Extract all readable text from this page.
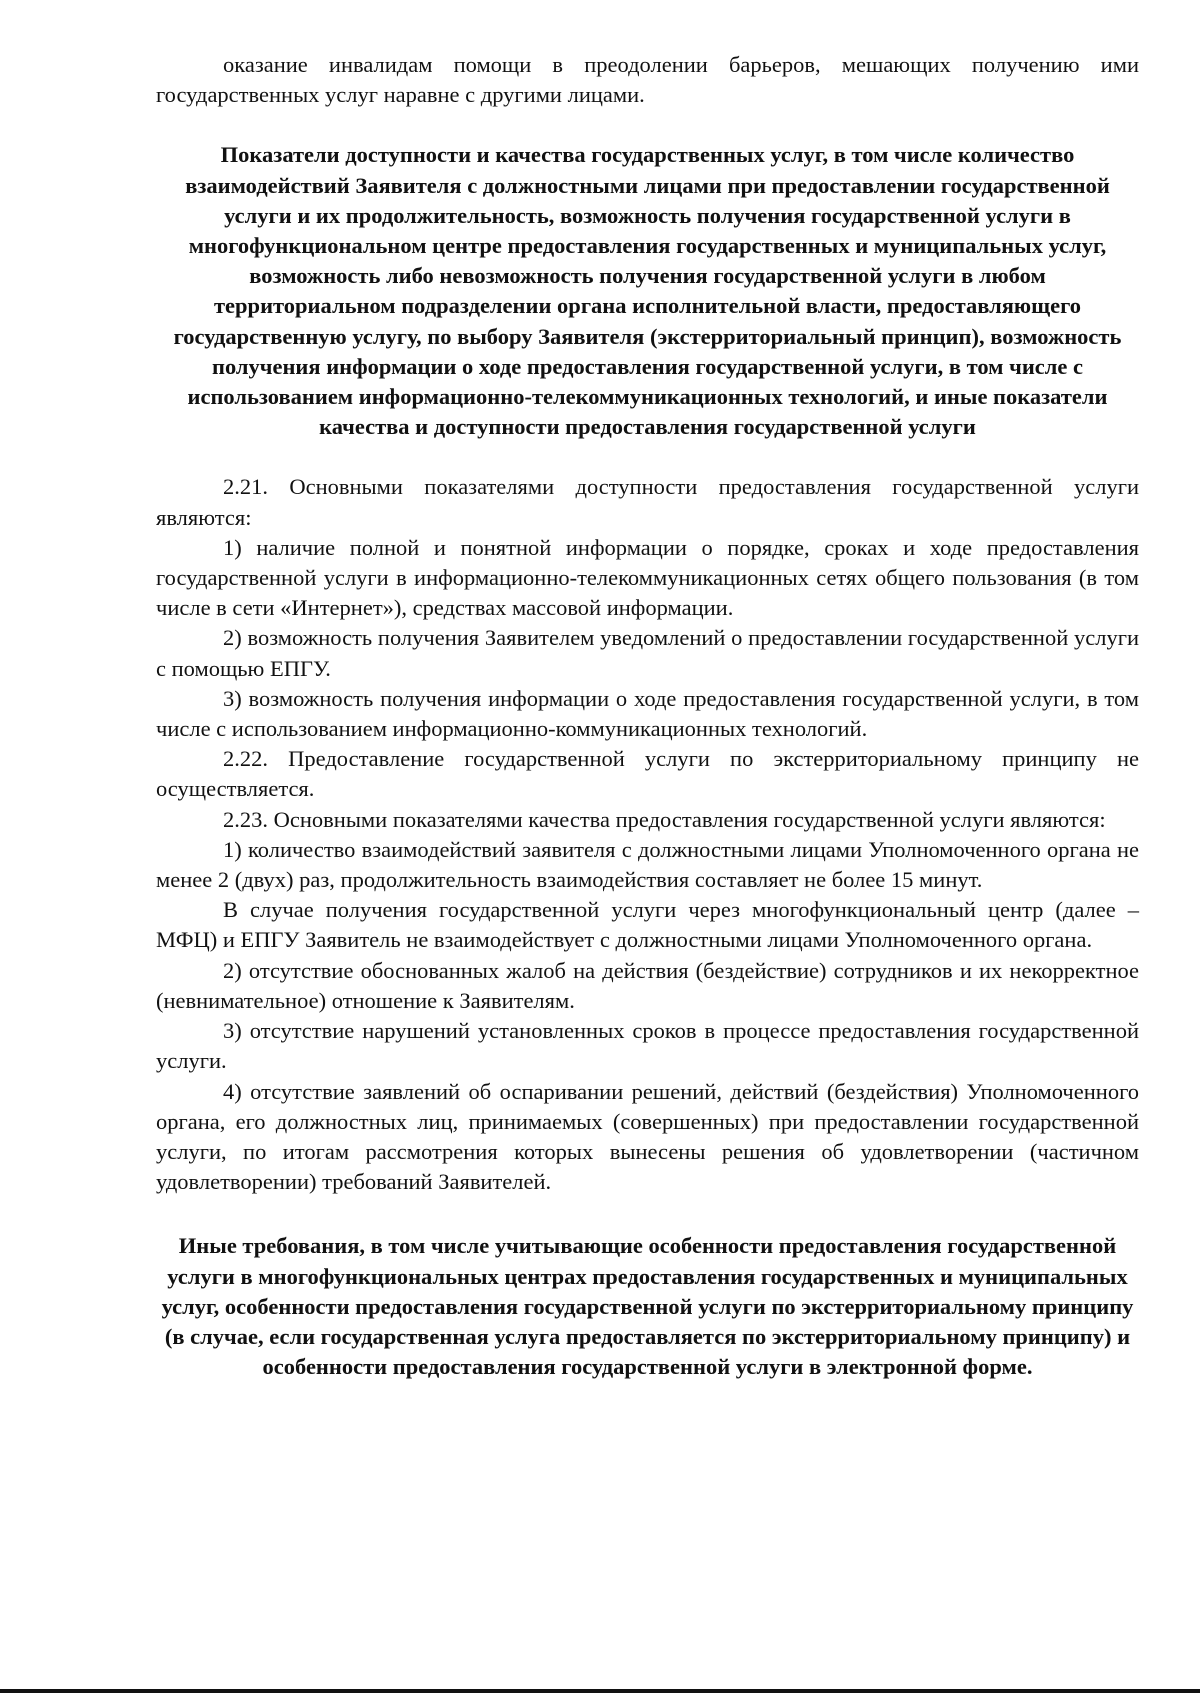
оказание инвалидам помощи в преодолении барьеров, мешающих получению ими государственных услуг наравне с другими лицами.

Показатели доступности и качества государственных услуг, в том числе количество взаимодействий Заявителя с должностными лицами при предоставлении государственной услуги и их продолжительность, возможность получения государственной услуги в многофункциональном центре предоставления государственных и муниципальных услуг, возможность либо невозможность получения государственной услуги в любом территориальном подразделении органа исполнительной власти, предоставляющего государственную услугу, по выбору Заявителя (экстерриториальный принцип), возможность получения информации о ходе предоставления государственной услуги, в том числе с использованием информационно-телекоммуникационных технологий, и иные показатели качества и доступности предоставления государственной услуги

2.21. Основными показателями доступности предоставления государственной услуги являются:

1) наличие полной и понятной информации о порядке, сроках и ходе предоставления государственной услуги в информационно-телекоммуникационных сетях общего пользования (в том числе в сети «Интернет»), средствах массовой информации.

2) возможность получения Заявителем уведомлений о предоставлении государственной услуги с помощью ЕПГУ.

3) возможность получения информации о ходе предоставления государственной услуги, в том числе с использованием информационно-коммуникационных технологий.

2.22. Предоставление государственной услуги по экстерриториальному принципу не осуществляется.

2.23. Основными показателями качества предоставления государственной услуги являются:

1) количество взаимодействий заявителя с должностными лицами Уполномоченного органа не менее 2 (двух) раз, продолжительность взаимодействия составляет не более 15 минут.

В случае получения государственной услуги через многофункциональный центр (далее – МФЦ) и ЕПГУ Заявитель не взаимодействует с должностными лицами Уполномоченного органа.

2) отсутствие обоснованных жалоб на действия (бездействие) сотрудников и их некорректное (невнимательное) отношение к Заявителям.

3) отсутствие нарушений установленных сроков в процессе предоставления государственной услуги.

4) отсутствие заявлений об оспаривании решений, действий (бездействия) Уполномоченного органа, его должностных лиц, принимаемых (совершенных) при предоставлении государственной услуги, по итогам рассмотрения которых вынесены решения об удовлетворении (частичном удовлетворении) требований Заявителей.

Иные требования, в том числе учитывающие особенности предоставления государственной услуги в многофункциональных центрах предоставления государственных и муниципальных услуг, особенности предоставления государственной услуги по экстерриториальному принципу (в случае, если государственная услуга предоставляется по экстерриториальному принципу) и особенности предоставления государственной услуги в электронной форме.
